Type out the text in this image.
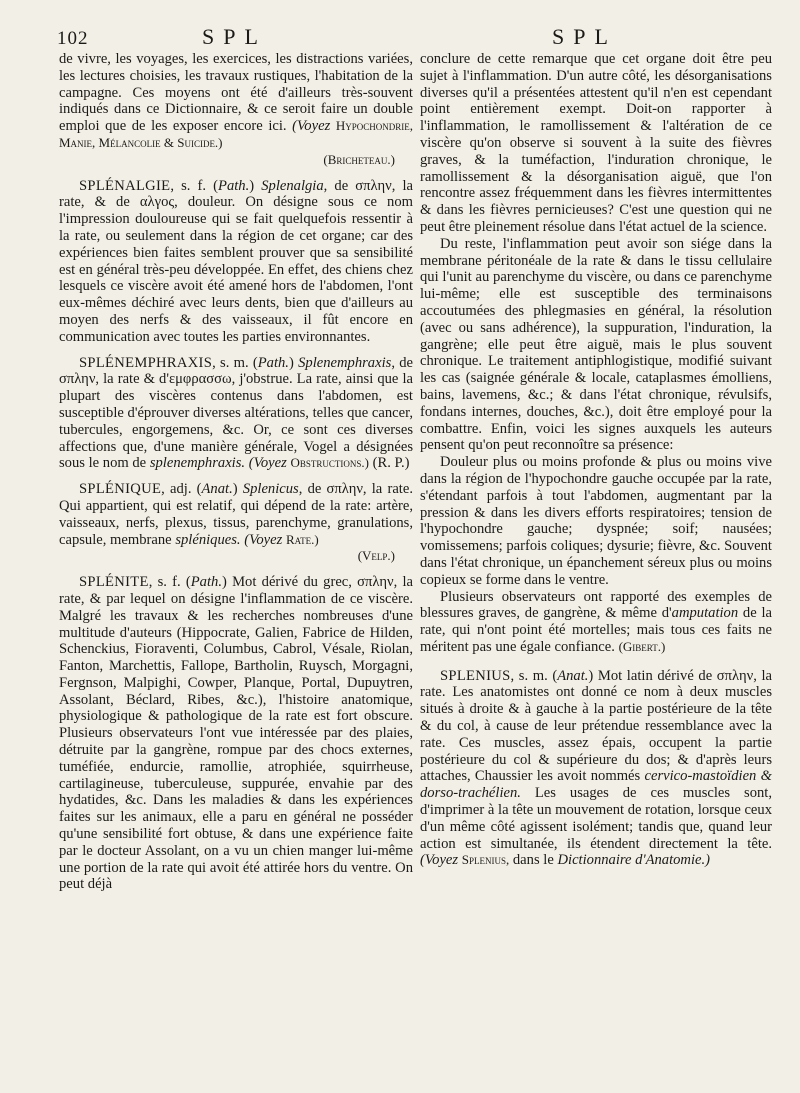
102	SPL	SPL

de vivre, les voyages, les exercices, les distractions variées, les lectures choisies, les travaux rustiques, l'habitation de la campagne. Ces moyens ont été d'ailleurs très-souvent indiqués dans ce Dictionnaire, & ce seroit faire un double emploi que de les exposer encore ici. (Voyez Hypochondrie, Manie, Mélancolie & Suicide.)

(Bricheteau.)

SPLÉNALGIE, s. f. (Path.) Splenalgia, de σπλην, la rate, & de αλγος, douleur. On désigne sous ce nom l'impression douloureuse qui se fait quelquefois ressentir à la rate, ou seulement dans la région de cet organe; car des expériences bien faites semblent prouver que sa sensibilité est en général très-peu développée. En effet, des chiens chez lesquels ce viscère avoit été amené hors de l'abdomen, l'ont eux-mêmes déchiré avec leurs dents, bien que d'ailleurs au moyen des nerfs & des vaisseaux, il fût encore en communication avec toutes les parties environnantes.

SPLÉNEMPHRAXIS, s. m. (Path.) Splenemphraxis, de σπλην, la rate & d'εμφρασσω, j'obstrue. La rate, ainsi que la plupart des viscères contenus dans l'abdomen, est susceptible d'éprouver diverses altérations, telles que cancer, tubercules, engorgemens, &c. Or, ce sont ces diverses affections que, d'une manière générale, Vogel a désignées sous le nom de splenemphraxis. (Voyez Obstructions.) (R. P.)

SPLÉNIQUE, adj. (Anat.) Splenicus, de σπλην, la rate. Qui appartient, qui est relatif, qui dépend de la rate: artère, vaisseaux, nerfs, plexus, tissus, parenchyme, granulations, capsule, membrane spléniques. (Voyez Rate.)

(Velp.)

SPLÉNITE, s. f. (Path.) Mot dérivé du grec, σπλην, la rate, & par lequel on désigne l'inflammation de ce viscère. Malgré les travaux & les recherches nombreuses d'une multitude d'auteurs (Hippocrate, Galien, Fabrice de Hilden, Schenckius, Fioraventi, Columbus, Cabrol, Vésale, Riolan, Fanton, Marchettis, Fallope, Bartholin, Ruysch, Morgagni, Fergnson, Malpighi, Cowper, Planque, Portal, Dupuytren, Assolant, Béclard, Ribes, &c.), l'histoire anatomique, physiologique & pathologique de la rate est fort obscure. Plusieurs observateurs l'ont vue intéressée par des plaies, détruite par la gangrène, rompue par des chocs externes, tuméfiée, endurcie, ramollie, atrophiée, squirrheuse, cartilagineuse, tuberculeuse, suppurée, envahie par des hydatides, &c. Dans les maladies & dans les expériences faites sur les animaux, elle a paru en général ne posséder qu'une sensibilité fort obtuse, & dans une expérience faite par le docteur Assolant, on a vu un chien manger lui-même une portion de la rate qui avoit été attirée hors du ventre. On peut déjà

conclure de cette remarque que cet organe doit être peu sujet à l'inflammation. D'un autre côté, les désorganisations diverses qu'il a présentées attestent qu'il n'en est cependant point entièrement exempt. Doit-on rapporter à l'inflammation, le ramollissement & l'altération de ce viscère qu'on observe si souvent à la suite des fièvres graves, & la tuméfaction, l'induration chronique, le ramollissement & la désorganisation aiguë, que l'on rencontre assez fréquemment dans les fièvres intermittentes & dans les fièvres pernicieuses? C'est une question qui ne peut être pleinement résolue dans l'état actuel de la science.

Du reste, l'inflammation peut avoir son siége dans la membrane péritonéale de la rate & dans le tissu cellulaire qui l'unit au parenchyme du viscère, ou dans ce parenchyme lui-même; elle est susceptible des terminaisons accoutumées des phlegmasies en général, la résolution (avec ou sans adhérence), la suppuration, l'induration, la gangrène; elle peut être aiguë, mais le plus souvent chronique. Le traitement antiphlogistique, modifié suivant les cas (saignée générale & locale, cataplasmes émolliens, bains, lavemens, &c.; & dans l'état chronique, révulsifs, fondans internes, douches, &c.), doit être employé pour la combattre. Enfin, voici les signes auxquels les auteurs pensent qu'on peut reconnoître sa présence:

Douleur plus ou moins profonde & plus ou moins vive dans la région de l'hypochondre gauche occupée par la rate, s'étendant parfois à tout l'abdomen, augmentant par la pression & dans les divers efforts respiratoires; tension de l'hypochondre gauche; dyspnée; soif; nausées; vomissemens; parfois coliques; dysurie; fièvre, &c. Souvent dans l'état chronique, un épanchement séreux plus ou moins copieux se forme dans le ventre.

Plusieurs observateurs ont rapporté des exemples de blessures graves, de gangrène, & même d'amputation de la rate, qui n'ont point été mortelles; mais tous ces faits ne méritent pas une égale confiance. (Gibert.)

SPLENIUS, s. m. (Anat.) Mot latin dérivé de σπλην, la rate. Les anatomistes ont donné ce nom à deux muscles situés à droite & à gauche à la partie postérieure de la tête & du col, à cause de leur prétendue ressemblance avec la rate. Ces muscles, assez épais, occupent la partie postérieure du col & supérieure du dos; & d'après leurs attaches, Chaussier les avoit nommés cervico-mastoïdien & dorso-trachélien. Les usages de ces muscles sont, d'imprimer à la tête un mouvement de rotation, lorsque ceux d'un même côté agissent isolément; tandis que, quand leur action est simultanée, ils étendent directement la tête. (Voyez Splenius, dans le Dictionnaire d'Anatomie.)
